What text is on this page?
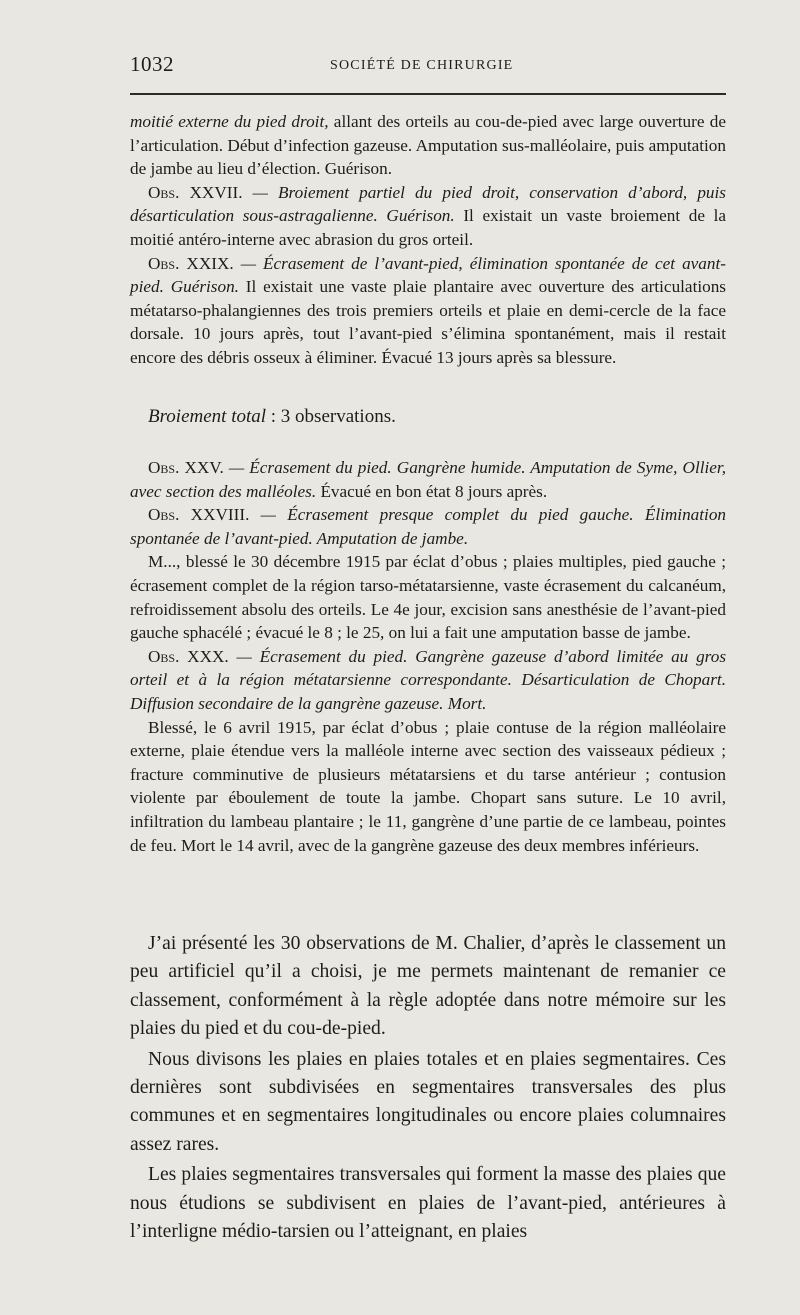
1032	SOCIÉTÉ DE CHIRURGIE

moitié externe du pied droit, allant des orteils au cou-de-pied avec large ouverture de l’articulation. Début d’infection gazeuse. Amputation sus-malléolaire, puis amputation de jambe au lieu d’élection. Guérison.

Obs. XXVII. — Broiement partiel du pied droit, conservation d’abord, puis désarticulation sous-astragalienne. Guérison. Il existait un vaste broiement de la moitié antéro-interne avec abrasion du gros orteil.

Obs. XXIX. — Écrasement de l’avant-pied, élimination spontanée de cet avant-pied. Guérison. Il existait une vaste plaie plantaire avec ouverture des articulations métatarso-phalangiennes des trois premiers orteils et plaie en demi-cercle de la face dorsale. 10 jours après, tout l’avant-pied s’élimina spontanément, mais il restait encore des débris osseux à éliminer. Évacué 13 jours après sa blessure.

Broiement total : 3 observations.

Obs. XXV. — Écrasement du pied. Gangrène humide. Amputation de Syme, Ollier, avec section des malléoles. Évacué en bon état 8 jours après.

Obs. XXVIII. — Écrasement presque complet du pied gauche. Élimination spontanée de l’avant-pied. Amputation de jambe.

M..., blessé le 30 décembre 1915 par éclat d’obus ; plaies multiples, pied gauche ; écrasement complet de la région tarso-métatarsienne, vaste écrasement du calcanéum, refroidissement absolu des orteils. Le 4e jour, excision sans anesthésie de l’avant-pied gauche sphacélé ; évacué le 8 ; le 25, on lui a fait une amputation basse de jambe.

Obs. XXX. — Écrasement du pied. Gangrène gazeuse d’abord limitée au gros orteil et à la région métatarsienne correspondante. Désarticulation de Chopart. Diffusion secondaire de la gangrène gazeuse. Mort.

Blessé, le 6 avril 1915, par éclat d’obus ; plaie contuse de la région malléolaire externe, plaie étendue vers la malléole interne avec section des vaisseaux pédieux ; fracture comminutive de plusieurs métatarsiens et du tarse antérieur ; contusion violente par éboulement de toute la jambe. Chopart sans suture. Le 10 avril, infiltration du lambeau plantaire ; le 11, gangrène d’une partie de ce lambeau, pointes de feu. Mort le 14 avril, avec de la gangrène gazeuse des deux membres inférieurs.

J’ai présenté les 30 observations de M. Chalier, d’après le classement un peu artificiel qu’il a choisi, je me permets maintenant de remanier ce classement, conformément à la règle adoptée dans notre mémoire sur les plaies du pied et du cou-de-pied.

Nous divisons les plaies en plaies totales et en plaies segmentaires. Ces dernières sont subdivisées en segmentaires transversales des plus communes et en segmentaires longitudinales ou encore plaies columnaires assez rares.

Les plaies segmentaires transversales qui forment la masse des plaies que nous étudions se subdivisent en plaies de l’avant-pied, antérieures à l’interligne médio-tarsien ou l’atteignant, en plaies
